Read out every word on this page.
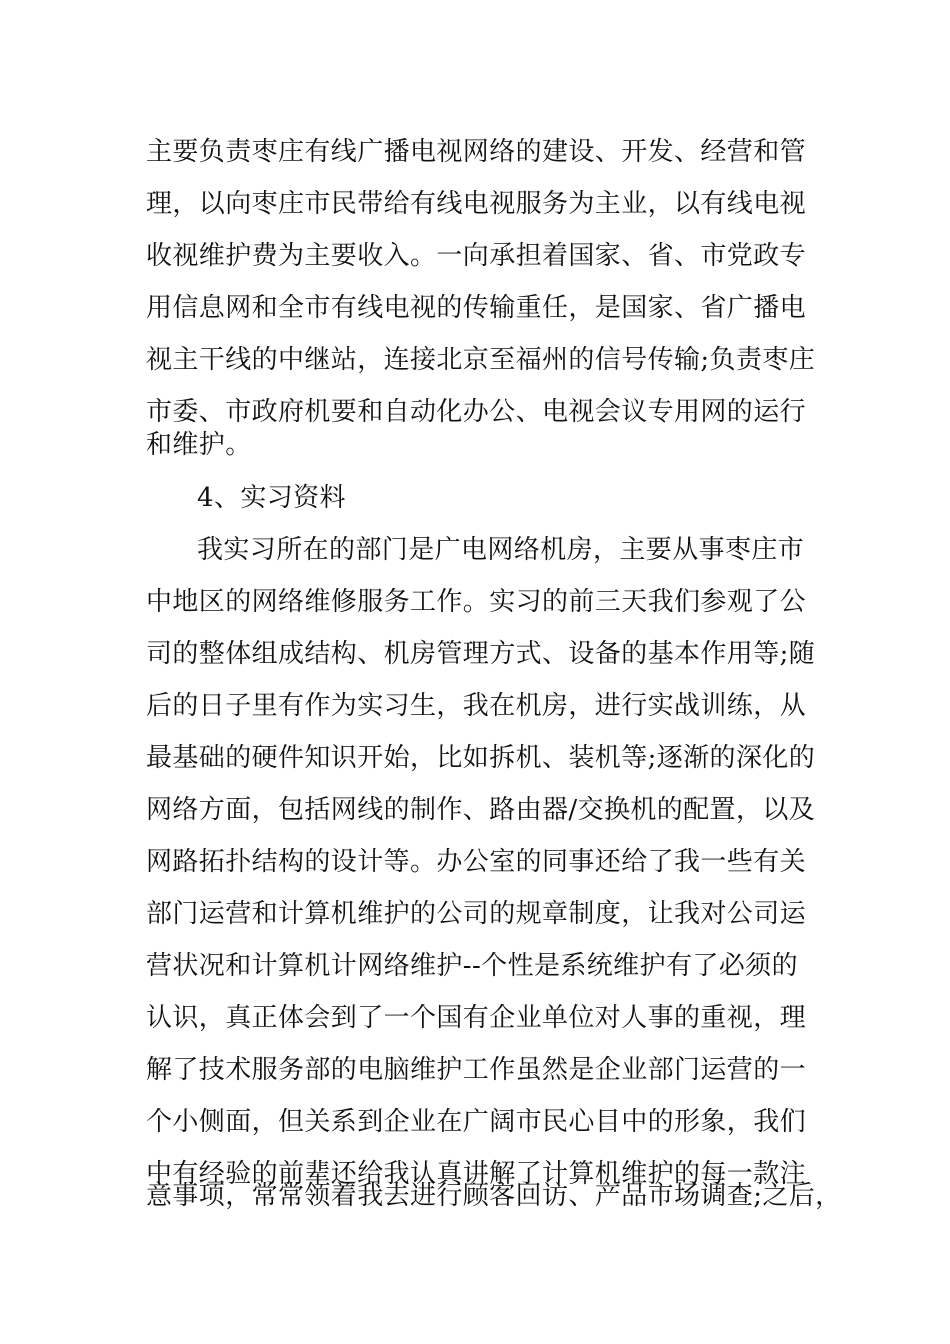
主要负责枣庄有线广播电视网络的建设、开发、经营和管
理，以向枣庄市民带给有线电视服务为主业，以有线电视
收视维护费为主要收入。一向承担着国家、省、市党政专
用信息网和全市有线电视的传输重任，是国家、省广播电
视主干线的中继站，连接北京至福州的信号传输;负责枣庄
市委、市政府机要和自动化办公、电视会议专用网的运行
和维护。
4、实习资料
我实习所在的部门是广电网络机房，主要从事枣庄市
中地区的网络维修服务工作。实习的前三天我们参观了公
司的整体组成结构、机房管理方式、设备的基本作用等;随
后的日子里有作为实习生，我在机房，进行实战训练，从
最基础的硬件知识开始，比如拆机、装机等;逐渐的深化的
网络方面，包括网线的制作、路由器/交换机的配置，以及
网路拓扑结构的设计等。办公室的同事还给了我一些有关
部门运营和计算机维护的公司的规章制度，让我对公司运
营状况和计算机计网络维护--个性是系统维护有了必须的
认识，真正体会到了一个国有企业单位对人事的重视，理
解了技术服务部的电脑维护工作虽然是企业部门运营的一
个小侧面，但关系到企业在广阔市民心目中的形象，我们
中有经验的前辈还给我认真讲解了计算机维护的每一款注
意事项，常常领着我去进行顾客回访、产品市场调查;之后，
